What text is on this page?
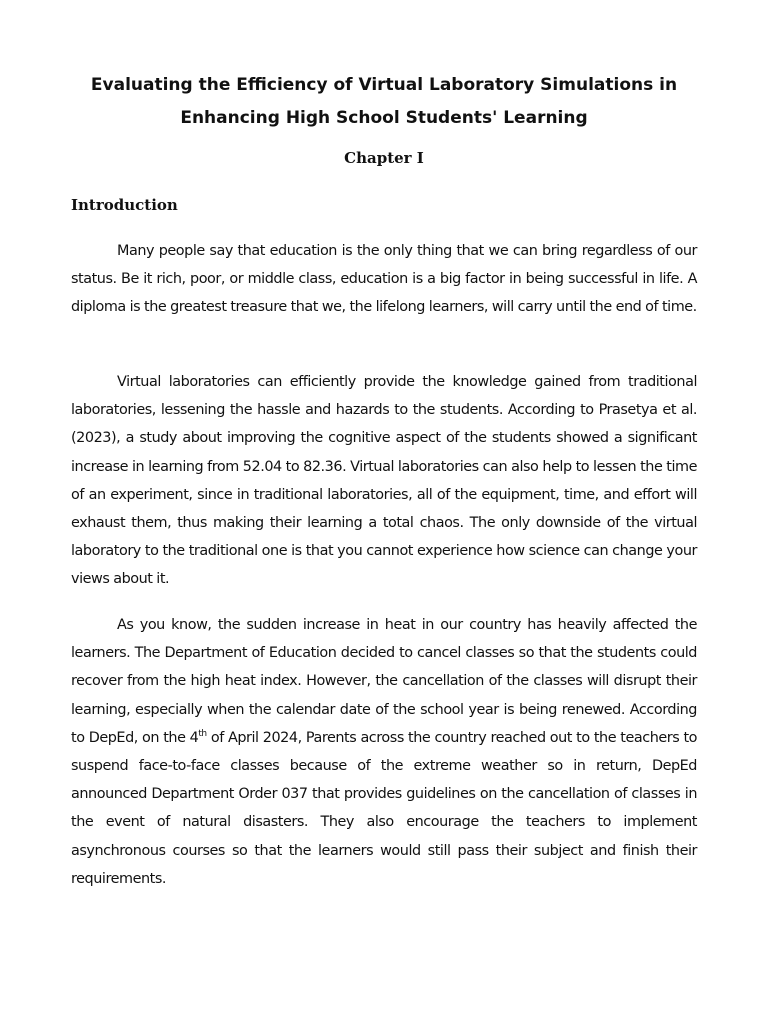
Evaluating the Efficiency of Virtual Laboratory Simulations in
Enhancing High School Students' Learning
Chapter I
Introduction

Many people say that education is the only thing that we can bring regardless of our status. Be it rich, poor, or middle class, education is a big factor in being successful in life. A diploma is the greatest treasure that we, the lifelong learners, will carry until the end of time.

Virtual laboratories can efficiently provide the knowledge gained from traditional laboratories, lessening the hassle and hazards to the students. According to Prasetya et al. (2023), a study about improving the cognitive aspect of the students showed a significant increase in learning from 52.04 to 82.36. Virtual laboratories can also help to lessen the time of an experiment, since in traditional laboratories, all of the equipment, time, and effort will exhaust them, thus making their learning a total chaos. The only downside of the virtual laboratory to the traditional one is that you cannot experience how science can change your views about it.

As you know, the sudden increase in heat in our country has heavily affected the learners. The Department of Education decided to cancel classes so that the students could recover from the high heat index. However, the cancellation of the classes will disrupt their learning, especially when the calendar date of the school year is being renewed. According to DepEd, on the 4th of April 2024, Parents across the country reached out to the teachers to suspend face-to-face classes because of the extreme weather so in return, DepEd announced Department Order 037 that provides guidelines on the cancellation of classes in the event of natural disasters. They also encourage the teachers to implement asynchronous courses so that the learners would still pass their subject and finish their requirements.
